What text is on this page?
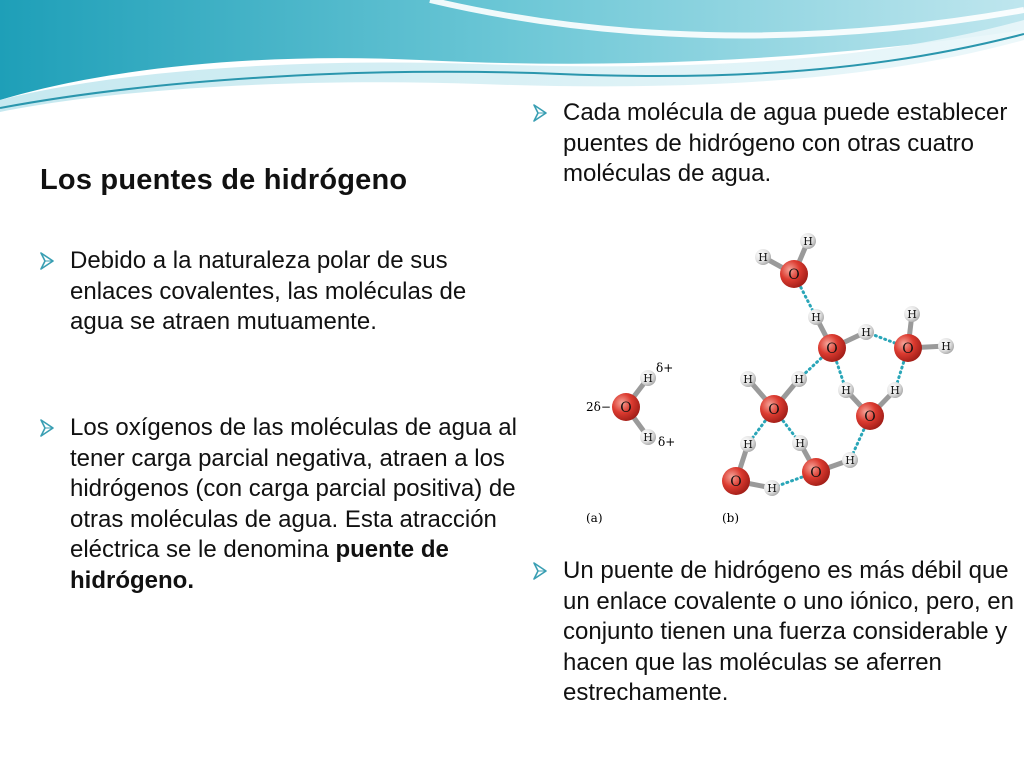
Los puentes de hidrógeno
Debido a la naturaleza polar de sus enlaces covalentes, las moléculas de agua se atraen mutuamente.
Los oxígenos de las moléculas de agua al tener carga parcial negativa, atraen a los hidrógenos (con carga parcial positiva) de otras moléculas de agua. Esta atracción eléctrica se le denomina puente de hidrógeno.
Cada molécula de agua puede establecer puentes de hidrógeno con otras cuatro moléculas de agua.
H
H
H
H
H
H
H
H
H	H
H	H
H
H
H
H
O
O
O	O
O	O
O
O
2δ−
δ+
δ+
(a)	(b)
Un puente de hidrógeno es más débil que un enlace covalente o uno iónico, pero, en conjunto tienen una fuerza considerable y hacen que las moléculas se aferren estrechamente.
